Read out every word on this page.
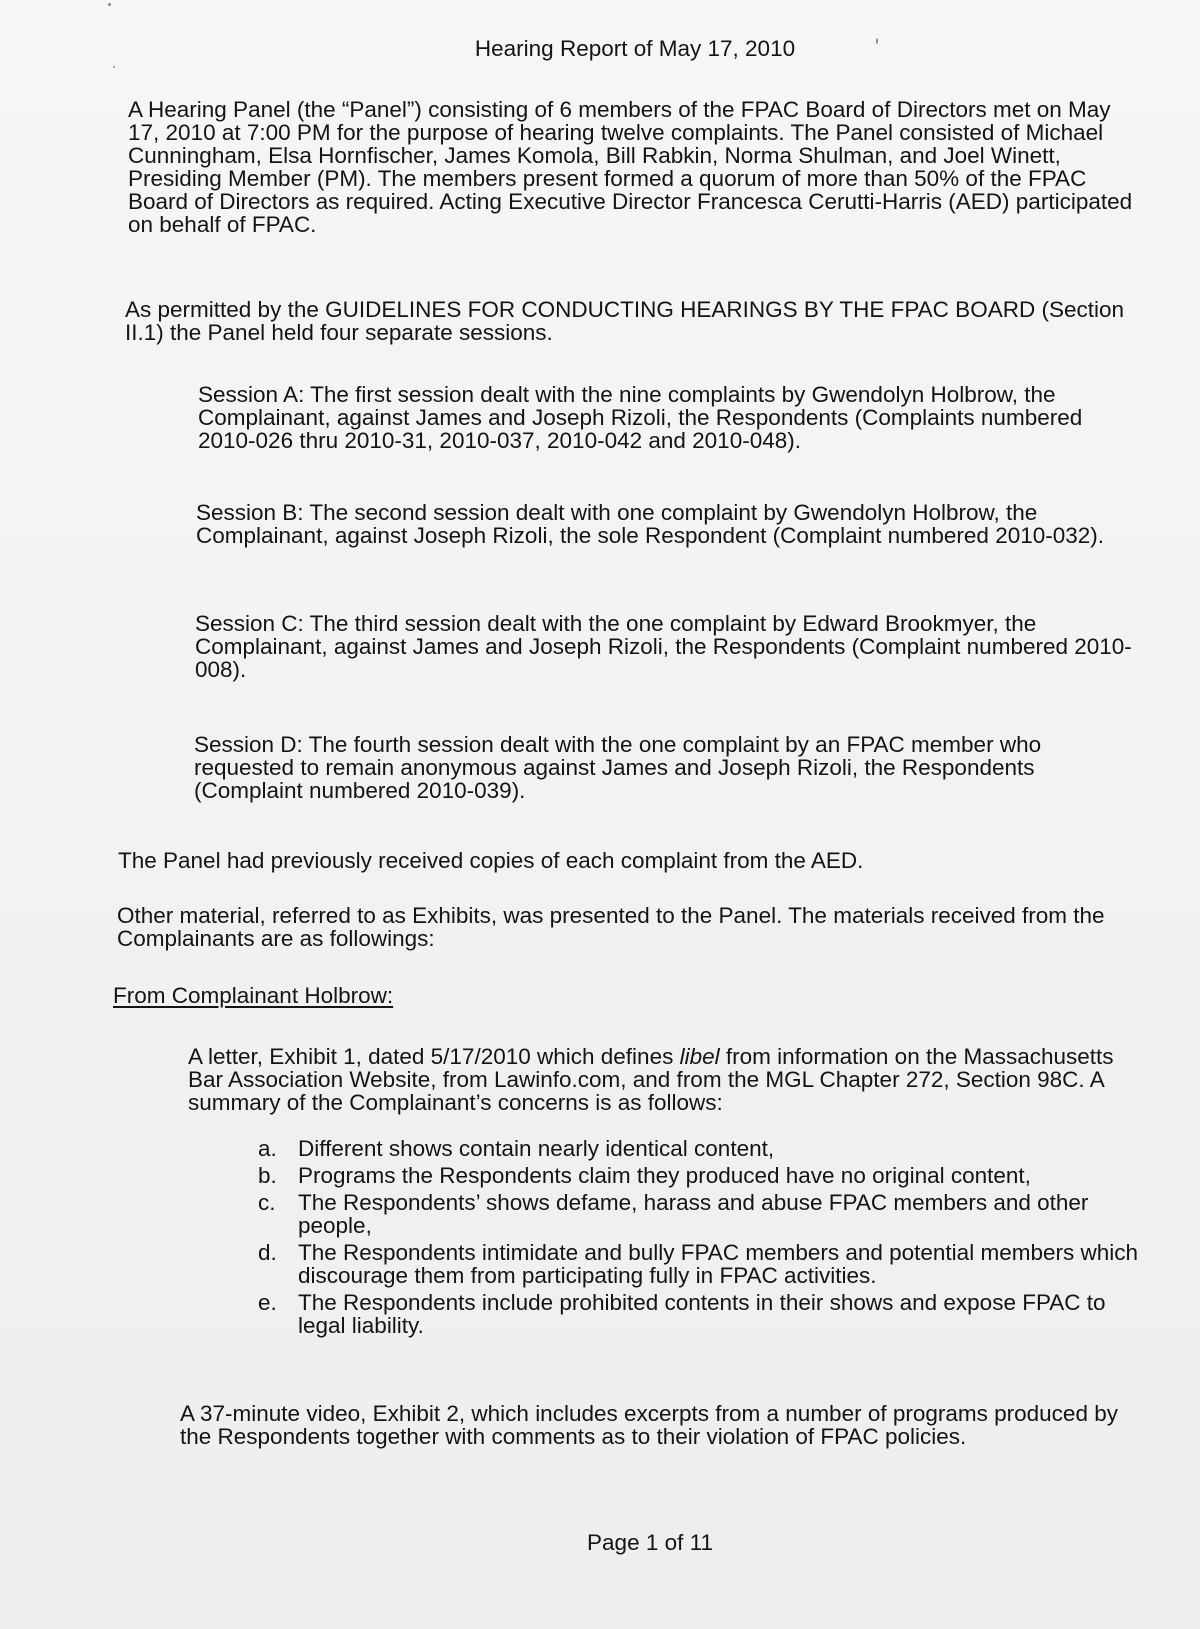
Hearing Report of May 17, 2010

A Hearing Panel (the “Panel”) consisting of 6 members of the FPAC Board of Directors met on May 17, 2010 at 7:00 PM for the purpose of hearing twelve complaints. The Panel consisted of Michael Cunningham, Elsa Hornfischer, James Komola, Bill Rabkin, Norma Shulman, and Joel Winett, Presiding Member (PM). The members present formed a quorum of more than 50% of the FPAC Board of Directors as required. Acting Executive Director Francesca Cerutti-Harris (AED) participated on behalf of FPAC.

As permitted by the GUIDELINES FOR CONDUCTING HEARINGS BY THE FPAC BOARD (Section II.1) the Panel held four separate sessions.

Session A: The first session dealt with the nine complaints by Gwendolyn Holbrow, the Complainant, against James and Joseph Rizoli, the Respondents (Complaints numbered 2010-026 thru 2010-31, 2010-037, 2010-042 and 2010-048).

Session B: The second session dealt with one complaint by Gwendolyn Holbrow, the Complainant, against Joseph Rizoli, the sole Respondent (Complaint numbered 2010-032).

Session C: The third session dealt with the one complaint by Edward Brookmyer, the Complainant, against James and Joseph Rizoli, the Respondents (Complaint numbered 2010-008).

Session D: The fourth session dealt with the one complaint by an FPAC member who requested to remain anonymous against James and Joseph Rizoli, the Respondents (Complaint numbered 2010-039).

The Panel had previously received copies of each complaint from the AED.

Other material, referred to as Exhibits, was presented to the Panel. The materials received from the Complainants are as followings:

From Complainant Holbrow:

A letter, Exhibit 1, dated 5/17/2010 which defines libel from information on the Massachusetts Bar Association Website, from Lawinfo.com, and from the MGL Chapter 272, Section 98C. A summary of the Complainant’s concerns is as follows:

a. Different shows contain nearly identical content,
b. Programs the Respondents claim they produced have no original content,
c. The Respondents’ shows defame, harass and abuse FPAC members and other people,
d. The Respondents intimidate and bully FPAC members and potential members which discourage them from participating fully in FPAC activities.
e. The Respondents include prohibited contents in their shows and expose FPAC to legal liability.

A 37-minute video, Exhibit 2, which includes excerpts from a number of programs produced by the Respondents together with comments as to their violation of FPAC policies.

Page 1 of 11
